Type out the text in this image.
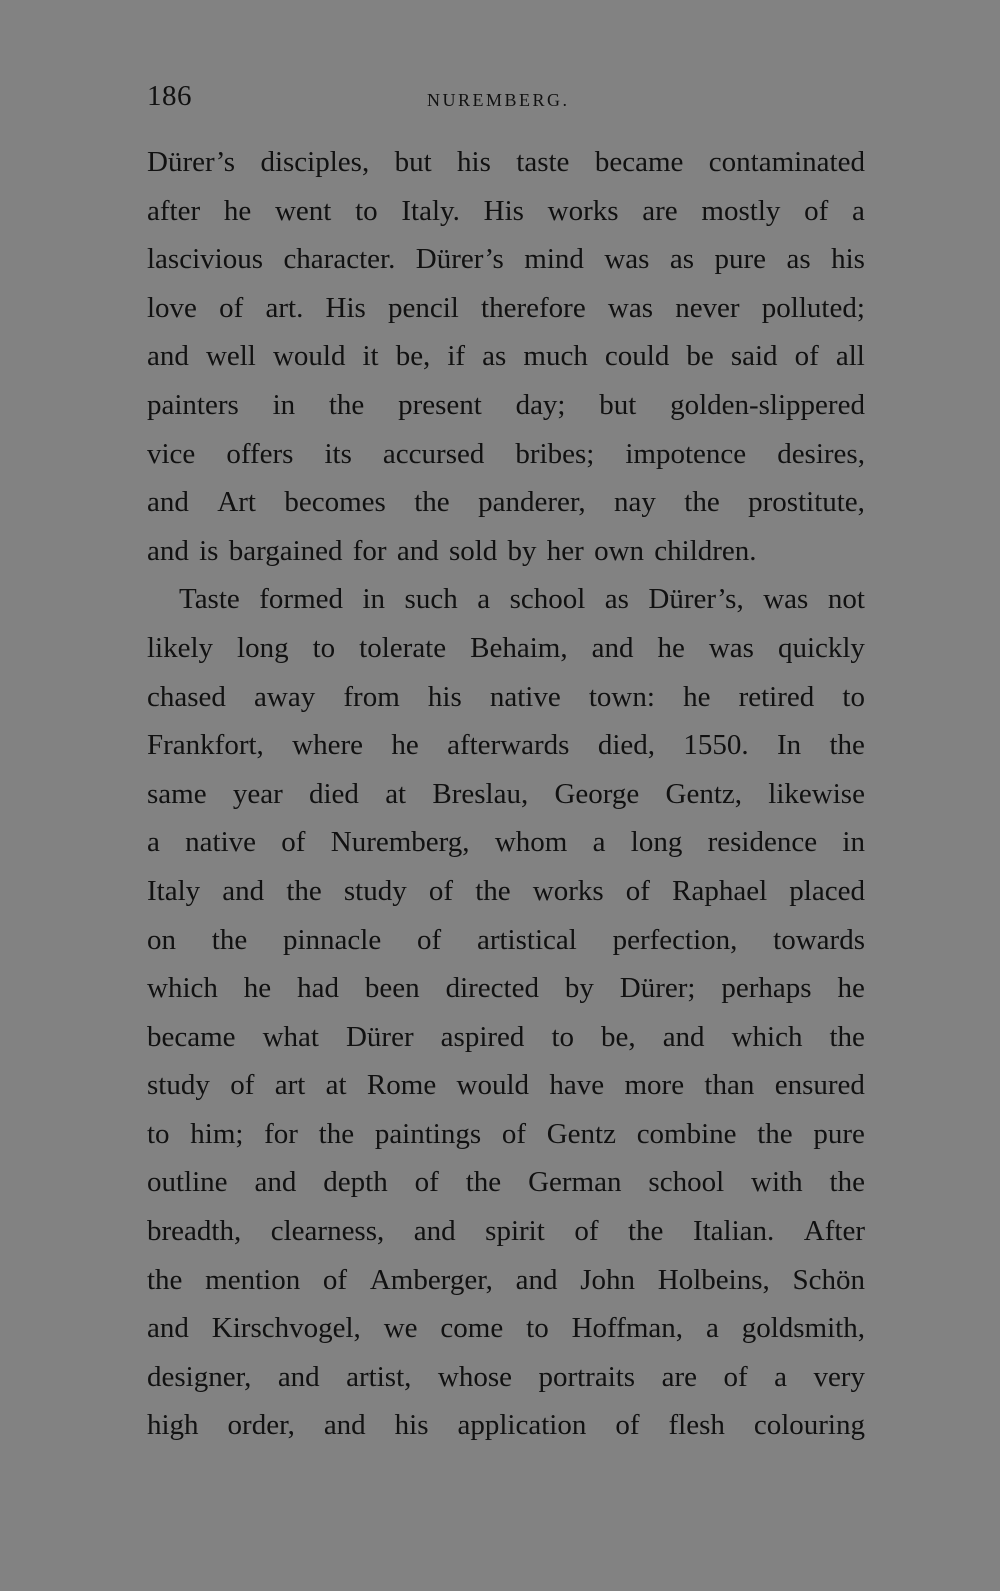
186	NUREMBERG.
Dürer’s disciples, but his taste became contaminated
after he went to Italy. His works are mostly of a
lascivious character. Dürer’s mind was as pure as his
love of art. His pencil therefore was never polluted;
and well would it be, if as much could be said of all
painters in the present day; but golden-slippered
vice offers its accursed bribes; impotence desires,
and Art becomes the panderer, nay the prostitute,
and is bargained for and sold by her own children.
Taste formed in such a school as Dürer’s, was not
likely long to tolerate Behaim, and he was quickly
chased away from his native town: he retired to
Frankfort, where he afterwards died, 1550. In the
same year died at Breslau, George Gentz, likewise
a native of Nuremberg, whom a long residence in
Italy and the study of the works of Raphael placed
on the pinnacle of artistical perfection, towards
which he had been directed by Dürer; perhaps he
became what Dürer aspired to be, and which the
study of art at Rome would have more than ensured
to him; for the paintings of Gentz combine the pure
outline and depth of the German school with the
breadth, clearness, and spirit of the Italian. After
the mention of Amberger, and John Holbeins, Schön
and Kirschvogel, we come to Hoffman, a goldsmith,
designer, and artist, whose portraits are of a very
high order, and his application of flesh colouring
